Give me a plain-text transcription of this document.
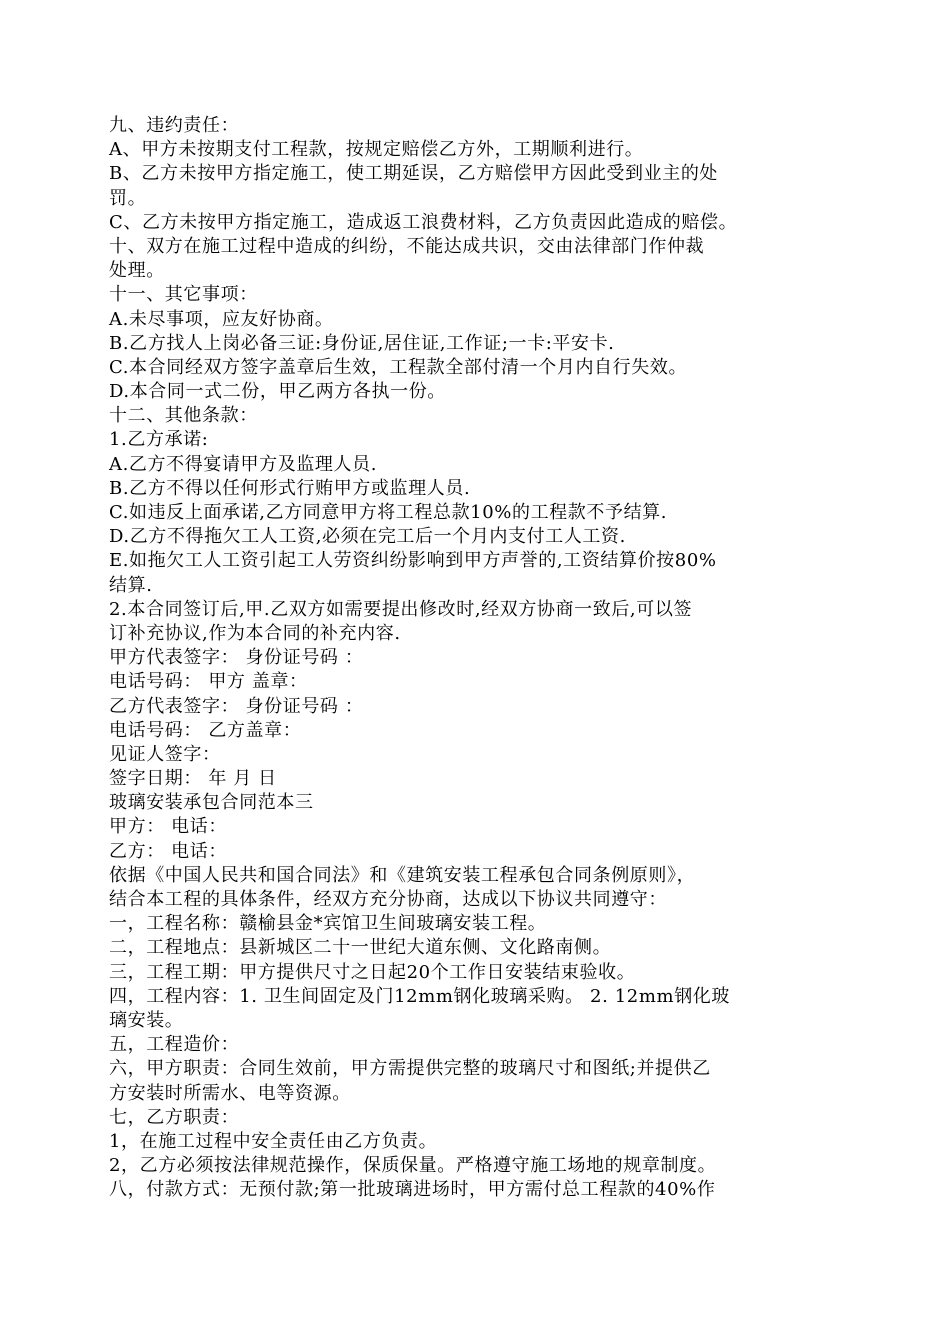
九、违约责任：
A、甲方未按期支付工程款，按规定赔偿乙方外，工期顺利进行。
B、乙方未按甲方指定施工，使工期延误，乙方赔偿甲方因此受到业主的处
罚。
C、乙方未按甲方指定施工，造成返工浪费材料，乙方负责因此造成的赔偿。
十、双方在施工过程中造成的纠纷，不能达成共识，交由法律部门作仲裁
处理。
十一、其它事项：
A.未尽事项，应友好协商。
B.乙方找人上岗必备三证:身份证,居住证,工作证;一卡:平安卡.
C.本合同经双方签字盖章后生效，工程款全部付清一个月内自行失效。
D.本合同一式二份，甲乙两方各执一份。
十二、其他条款：
1.乙方承诺:
A.乙方不得宴请甲方及监理人员.
B.乙方不得以任何形式行贿甲方或监理人员.
C.如违反上面承诺,乙方同意甲方将工程总款10%的工程款不予结算.
D.乙方不得拖欠工人工资,必须在完工后一个月内支付工人工资.
E.如拖欠工人工资引起工人劳资纠纷影响到甲方声誉的,工资结算价按80%
结算.
2.本合同签订后,甲.乙双方如需要提出修改时,经双方协商一致后,可以签
订补充协议,作为本合同的补充内容.
甲方代表签字： 身份证号码 ：
电话号码： 甲方 盖章：
乙方代表签字： 身份证号码 ：
电话号码： 乙方盖章：
见证人签字：
签字日期： 年 月 日
玻璃安装承包合同范本三
甲方： 电话：
乙方： 电话：
依据《中国人民共和国合同法》和《建筑安装工程承包合同条例原则》，
结合本工程的具体条件，经双方充分协商，达成以下协议共同遵守：
一，工程名称：赣榆县金*宾馆卫生间玻璃安装工程。
二，工程地点：县新城区二十一世纪大道东侧、文化路南侧。
三，工程工期：甲方提供尺寸之日起20个工作日安装结束验收。
四，工程内容：1. 卫生间固定及门12mm钢化玻璃采购。 2. 12mm钢化玻
璃安装。
五，工程造价：
六，甲方职责：合同生效前，甲方需提供完整的玻璃尺寸和图纸;并提供乙
方安装时所需水、电等资源。
七，乙方职责：
1，在施工过程中安全责任由乙方负责。
2，乙方必须按法律规范操作，保质保量。严格遵守施工场地的规章制度。
八，付款方式：无预付款;第一批玻璃进场时，甲方需付总工程款的40%作
